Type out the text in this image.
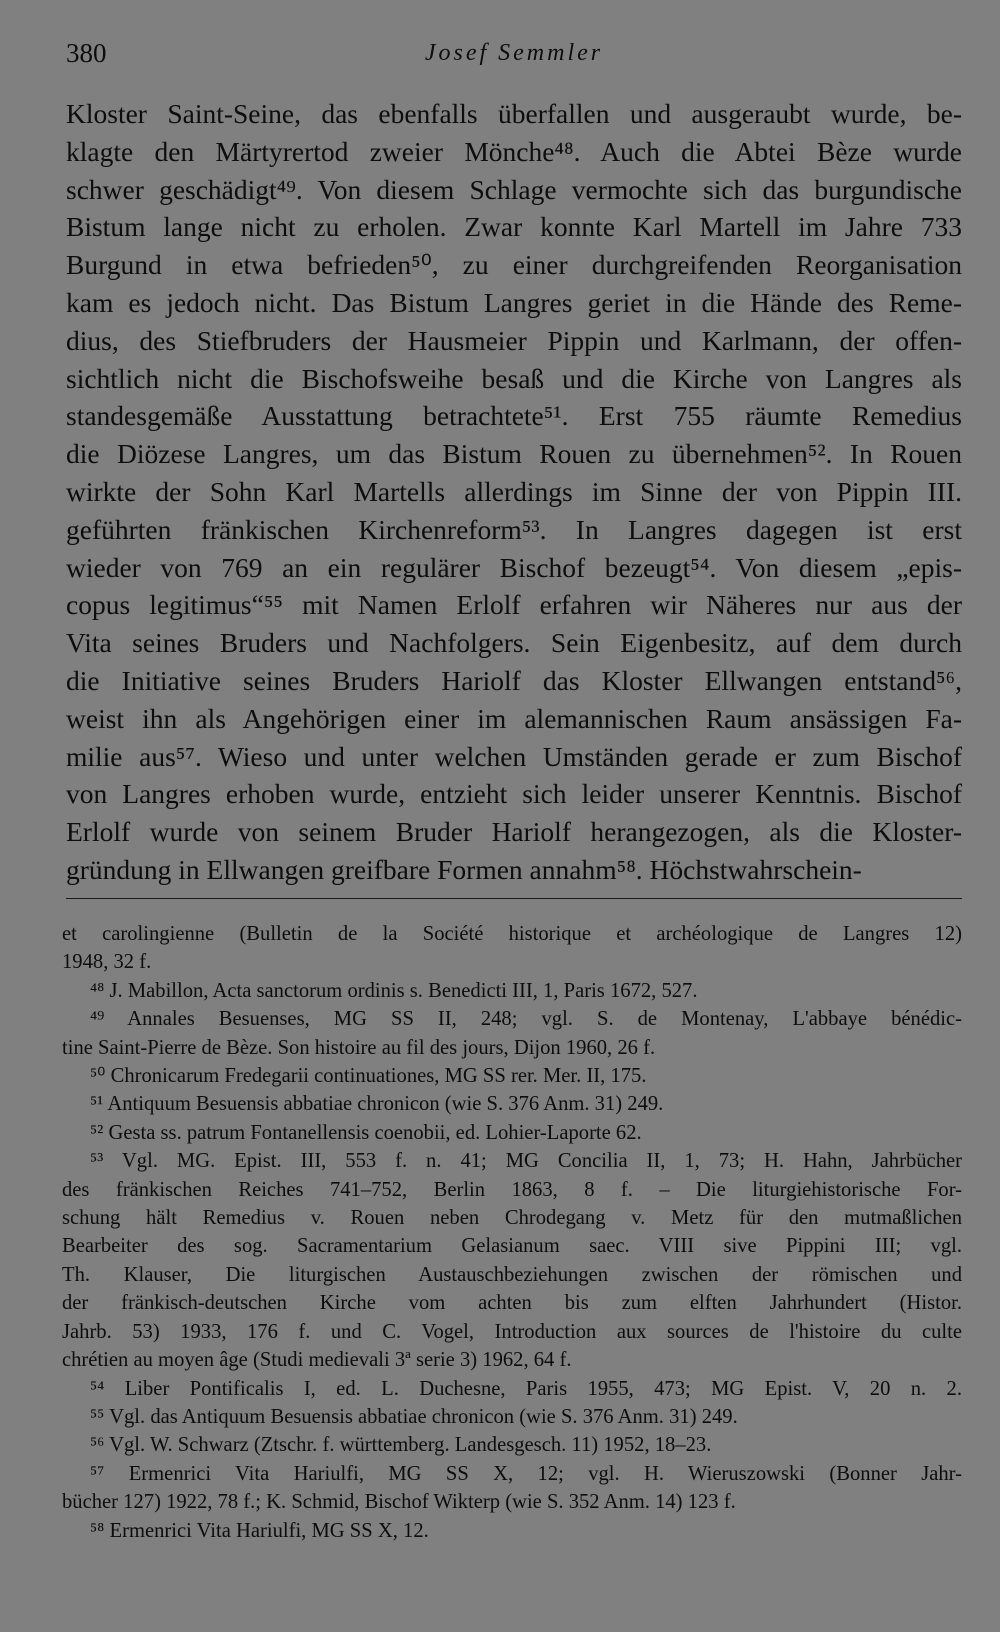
380	Josef Semmler
Kloster Saint-Seine, das ebenfalls überfallen und ausgeraubt wurde, be-
klagte den Märtyrertod zweier Mönche⁴⁸. Auch die Abtei Bèze wurde
schwer geschädigt⁴⁹. Von diesem Schlage vermochte sich das burgundische
Bistum lange nicht zu erholen. Zwar konnte Karl Martell im Jahre 733
Burgund in etwa befrieden⁵⁰, zu einer durchgreifenden Reorganisation
kam es jedoch nicht. Das Bistum Langres geriet in die Hände des Reme-
dius, des Stiefbruders der Hausmeier Pippin und Karlmann, der offen-
sichtlich nicht die Bischofsweihe besaß und die Kirche von Langres als
standesgemäße Ausstattung betrachtete⁵¹. Erst 755 räumte Remedius
die Diözese Langres, um das Bistum Rouen zu übernehmen⁵². In Rouen
wirkte der Sohn Karl Martells allerdings im Sinne der von Pippin III.
geführten fränkischen Kirchenreform⁵³. In Langres dagegen ist erst
wieder von 769 an ein regulärer Bischof bezeugt⁵⁴. Von diesem „epis-
copus legitimus“⁵⁵ mit Namen Erlolf erfahren wir Näheres nur aus der
Vita seines Bruders und Nachfolgers. Sein Eigenbesitz, auf dem durch
die Initiative seines Bruders Hariolf das Kloster Ellwangen entstand⁵⁶,
weist ihn als Angehörigen einer im alemannischen Raum ansässigen Fa-
milie aus⁵⁷. Wieso und unter welchen Umständen gerade er zum Bischof
von Langres erhoben wurde, entzieht sich leider unserer Kenntnis. Bischof
Erlolf wurde von seinem Bruder Hariolf herangezogen, als die Kloster-
gründung in Ellwangen greifbare Formen annahm⁵⁸. Höchstwahrschein-
et carolingienne (Bulletin de la Société historique et archéologique de Langres 12)
1948, 32 f.
⁴⁸ J. Mabillon, Acta sanctorum ordinis s. Benedicti III, 1, Paris 1672, 527.
⁴⁹ Annales Besuenses, MG SS II, 248; vgl. S. de Montenay, L'abbaye bénédic-
tine Saint-Pierre de Bèze. Son histoire au fil des jours, Dijon 1960, 26 f.
⁵⁰ Chronicarum Fredegarii continuationes, MG SS rer. Mer. II, 175.
⁵¹ Antiquum Besuensis abbatiae chronicon (wie S. 376 Anm. 31) 249.
⁵² Gesta ss. patrum Fontanellensis coenobii, ed. Lohier-Laporte 62.
⁵³ Vgl. MG. Epist. III, 553 f. n. 41; MG Concilia II, 1, 73; H. Hahn, Jahrbücher
des fränkischen Reiches 741–752, Berlin 1863, 8 f. – Die liturgiehistorische For-
schung hält Remedius v. Rouen neben Chrodegang v. Metz für den mutmaßlichen
Bearbeiter des sog. Sacramentarium Gelasianum saec. VIII sive Pippini III; vgl.
Th. Klauser, Die liturgischen Austauschbeziehungen zwischen der römischen und
der fränkisch-deutschen Kirche vom achten bis zum elften Jahrhundert (Histor.
Jahrb. 53) 1933, 176 f. und C. Vogel, Introduction aux sources de l'histoire du culte
chrétien au moyen âge (Studi medievali 3ª serie 3) 1962, 64 f.
⁵⁴ Liber Pontificalis I, ed. L. Duchesne, Paris 1955, 473; MG Epist. V, 20 n. 2.
⁵⁵ Vgl. das Antiquum Besuensis abbatiae chronicon (wie S. 376 Anm. 31) 249.
⁵⁶ Vgl. W. Schwarz (Ztschr. f. württemberg. Landesgesch. 11) 1952, 18–23.
⁵⁷ Ermenrici Vita Hariulfi, MG SS X, 12; vgl. H. Wieruszowski (Bonner Jahr-
bücher 127) 1922, 78 f.; K. Schmid, Bischof Wikterp (wie S. 352 Anm. 14) 123 f.
⁵⁸ Ermenrici Vita Hariulfi, MG SS X, 12.
